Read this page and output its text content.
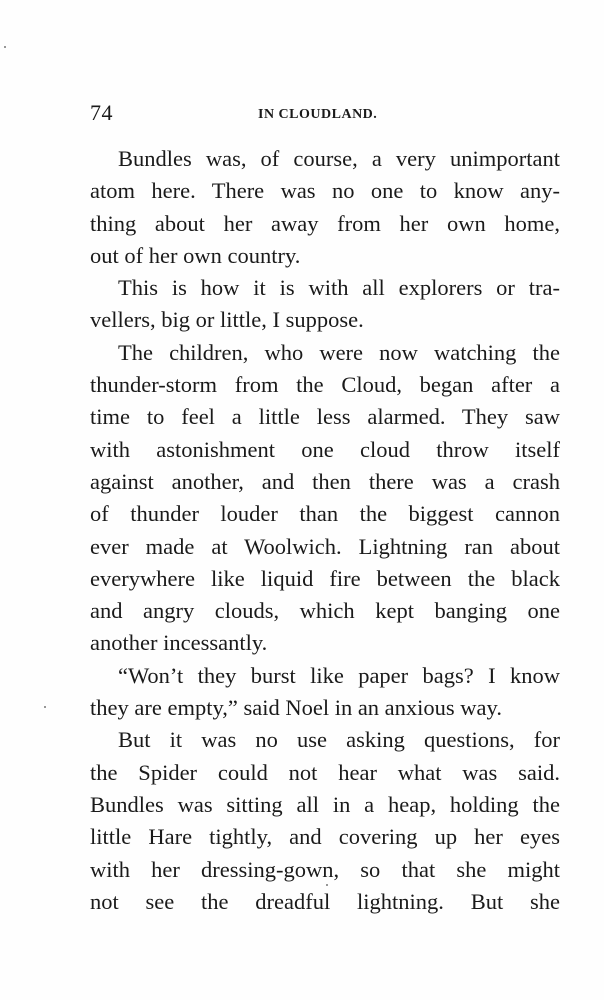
74	IN CLOUDLAND.
Bundles was, of course, a very unimportant
atom here. There was no one to know any-
thing about her away from her own home,
out of her own country.
This is how it is with all explorers or tra-
vellers, big or little, I suppose.
The children, who were now watching the
thunder-storm from the Cloud, began after a
time to feel a little less alarmed. They saw
with astonishment one cloud throw itself
against another, and then there was a crash
of thunder louder than the biggest cannon
ever made at Woolwich. Lightning ran about
everywhere like liquid fire between the black
and angry clouds, which kept banging one
another incessantly.
“Won’t they burst like paper bags? I know
they are empty,” said Noel in an anxious way.
But it was no use asking questions, for
the Spider could not hear what was said.
Bundles was sitting all in a heap, holding the
little Hare tightly, and covering up her eyes
with her dressing-gown, so that she might
not see the dreadful lightning. But she
